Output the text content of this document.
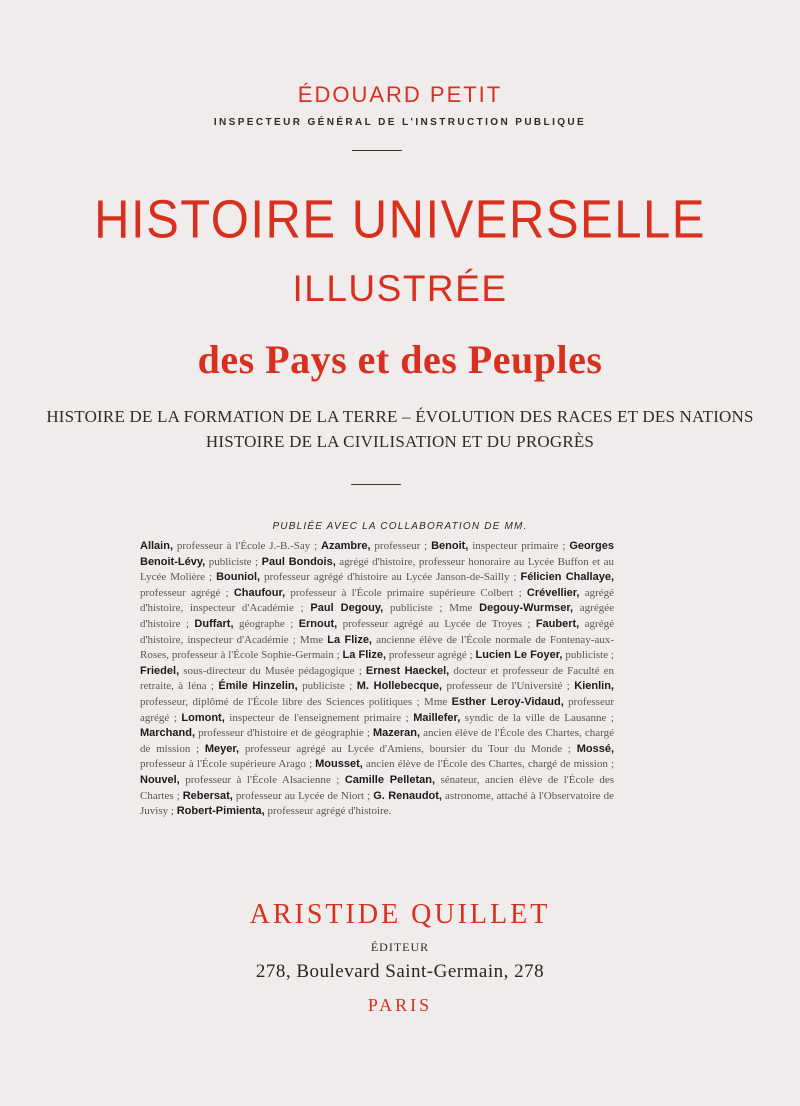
ÉDOUARD PETIT
INSPECTEUR GÉNÉRAL DE L'INSTRUCTION PUBLIQUE
HISTOIRE UNIVERSELLE
ILLUSTRÉE
des Pays et des Peuples
HISTOIRE DE LA FORMATION DE LA TERRE – ÉVOLUTION DES RACES ET DES NATIONS
HISTOIRE DE LA CIVILISATION ET DU PROGRÈS
PUBLIÉE AVEC LA COLLABORATION DE MM.
Allain, professeur à l'École J.-B.-Say ; Azambre, professeur ; Benoit, inspecteur primaire ; Georges Benoit-Lévy, publiciste ; Paul Bondois, agrégé d'histoire, professeur honoraire au Lycée Buffon et au Lycée Molière ; Bouniol, professeur agrégé d'histoire au Lycée Janson-de-Sailly ; Félicien Challaye, professeur agrégé ; Chaufour, professeur à l'École primaire supérieure Colbert ; Crévellier, agrégé d'histoire, inspecteur d'Académie ; Paul Degouy, publiciste ; Mme Degouy-Wurmser, agrégée d'histoire ; Duffart, géographe ; Ernout, professeur agrégé au Lycée de Troyes ; Faubert, agrégé d'histoire, inspecteur d'Académie ; Mme La Flize, ancienne élève de l'École normale de Fontenay-aux-Roses, professeur à l'École Sophie-Germain ; La Flize, professeur agrégé ; Lucien Le Foyer, publiciste ; Friedel, sous-directeur du Musée pédagogique ; Ernest Haeckel, docteur et professeur de Faculté en retraite, à Iéna ; Émile Hinzelin, publiciste ; M. Hollebecque, professeur de l'Université ; Kienlin, professeur, diplômé de l'École libre des Sciences politiques ; Mme Esther Leroy-Vidaud, professeur agrégé ; Lomont, inspecteur de l'enseignement primaire ; Maillefer, syndic de la ville de Lausanne ; Marchand, professeur d'histoire et de géographie ; Mazeran, ancien élève de l'École des Chartes, chargé de mission ; Meyer, professeur agrégé au Lycée d'Amiens, boursier du Tour du Monde ; Mossé, professeur à l'École supérieure Arago ; Mousset, ancien élève de l'École des Chartes, chargé de mission ; Nouvel, professeur à l'École Alsacienne ; Camille Pelletan, sénateur, ancien élève de l'École des Chartes ; Rebersat, professeur au Lycée de Niort ; G. Renaudot, astronome, attaché à l'Observatoire de Juvisy ; Robert-Pimienta, professeur agrégé d'histoire.
ARISTIDE QUILLET
ÉDITEUR
278, Boulevard Saint-Germain, 278
PARIS
